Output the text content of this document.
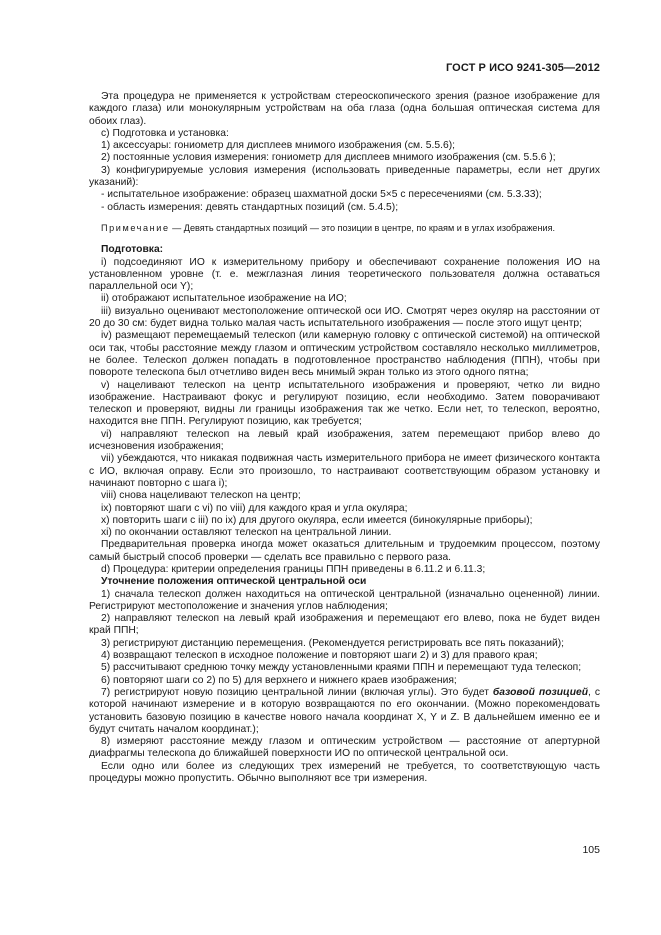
ГОСТ Р ИСО 9241-305—2012

Эта процедура не применяется к устройствам стереоскопического зрения (разное изображение для каждого глаза) или монокулярным устройствам на оба глаза (одна большая оптическая система для обоих глаз).

c) Подготовка и установка:

1) аксессуары: гониометр для дисплеев мнимого изображения (см. 5.5.6);

2) постоянные условия измерения: гониометр для дисплеев мнимого изображения (см. 5.5.6 );

3) конфигурируемые условия измерения (использовать приведенные параметры, если нет других указаний):

- испытательное изображение: образец шахматной доски 5×5 с пересечениями (см. 5.3.33);

- область измерения: девять стандартных позиций (см. 5.4.5);

Примечание — Девять стандартных позиций — это позиции в центре, по краям и в углах изображения.

Подготовка:

i) подсоединяют ИО к измерительному прибору и обеспечивают сохранение положения ИО на установленном уровне (т. е. межглазная линия теоретического пользователя должна оставаться параллельной оси Y);

ii) отображают испытательное изображение на ИО;

iii) визуально оценивают местоположение оптической оси ИО. Смотрят через окуляр на расстоянии от 20 до 30 см: будет видна только малая часть испытательного изображения — после этого ищут центр;

iv) размещают перемещаемый телескоп (или камерную головку с оптической системой) на оптической оси так, чтобы расстояние между глазом и оптическим устройством составляло несколько миллиметров, не более. Телескоп должен попадать в подготовленное пространство наблюдения (ППН), чтобы при повороте телескопа был отчетливо виден весь мнимый экран только из этого одного пятна;

v) нацеливают телескоп на центр испытательного изображения и проверяют, четко ли видно изображение. Настраивают фокус и регулируют позицию, если необходимо. Затем поворачивают телескоп и проверяют, видны ли границы изображения так же четко. Если нет, то телескоп, вероятно, находится вне ППН. Регулируют позицию, как требуется;

vi) направляют телескоп на левый край изображения, затем перемещают прибор влево до исчезновения изображения;

vii) убеждаются, что никакая подвижная часть измерительного прибора не имеет физического контакта с ИО, включая оправу. Если это произошло, то настраивают соответствующим образом установку и начинают повторно с шага i);

viii) снова нацеливают телескоп на центр;

ix) повторяют шаги с vi) по viii) для каждого края и угла окуляра;

x) повторить шаги с iii) по ix) для другого окуляра, если имеется (бинокулярные приборы);

xi) по окончании оставляют телескоп на центральной линии.

Предварительная проверка иногда может оказаться длительным и трудоемким процессом, поэтому самый быстрый способ проверки — сделать все правильно с первого раза.

d) Процедура: критерии определения границы ППН приведены в 6.11.2 и 6.11.3;

Уточнение положения оптической центральной оси

1) сначала телескоп должен находиться на оптической центральной (изначально оцененной) линии. Регистрируют местоположение и значения углов наблюдения;

2) направляют телескоп на левый край изображения и перемещают его влево, пока не будет виден край ППН;

3) регистрируют дистанцию перемещения. (Рекомендуется регистрировать все пять показаний);

4) возвращают телескоп в исходное положение и повторяют шаги 2) и 3) для правого края;

5) рассчитывают среднюю точку между установленными краями ППН и перемещают туда телескоп;

6) повторяют шаги со 2) по 5) для верхнего и нижнего краев изображения;

7) регистрируют новую позицию центральной линии (включая углы). Это будет базовой позицией, с которой начинают измерение и в которую возвращаются по его окончании. (Можно порекомендовать установить базовую позицию в качестве нового начала координат X, Y и Z. В дальнейшем именно ее и будут считать началом координат.);

8) измеряют расстояние между глазом и оптическим устройством — расстояние от апертурной диафрагмы телескопа до ближайшей поверхности ИО по оптической центральной оси.

Если одно или более из следующих трех измерений не требуется, то соответствующую часть процедуры можно пропустить. Обычно выполняют все три измерения.

105
